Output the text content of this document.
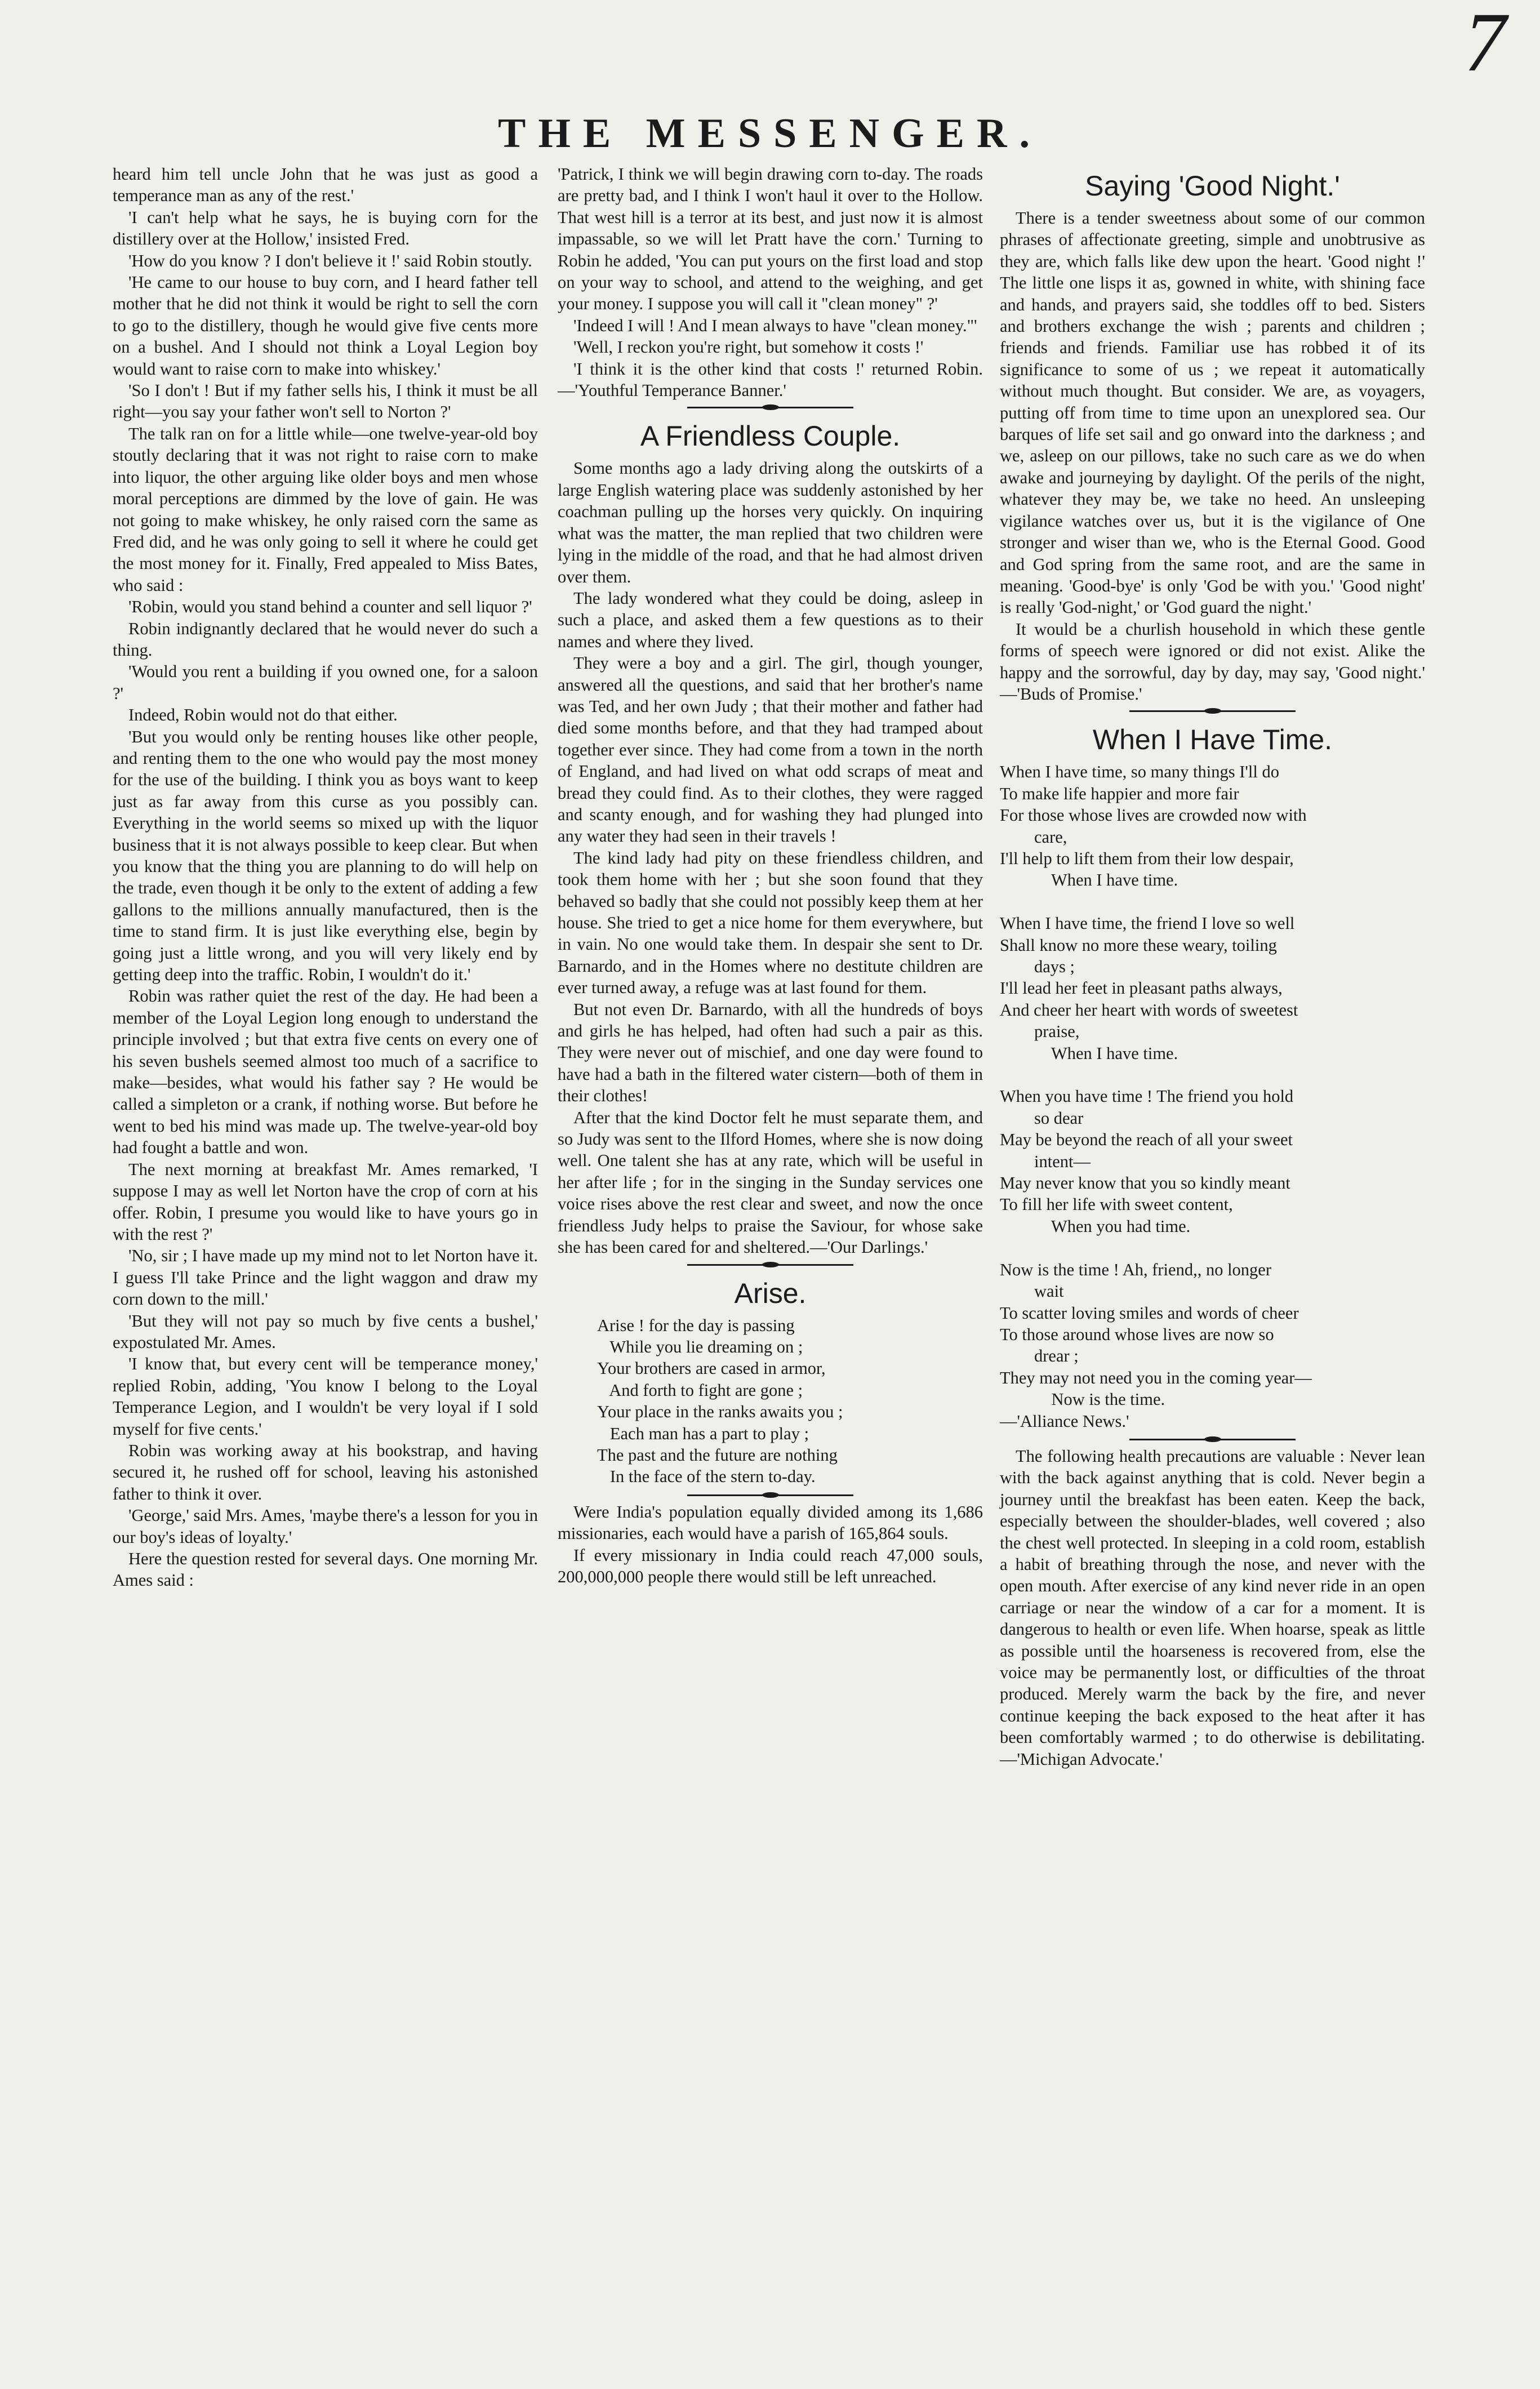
7
THE MESSENGER.

heard him tell uncle John that he was just as good a temperance man as any of the rest.'

'I can't help what he says, he is buying corn for the distillery over at the Hollow,' insisted Fred.

'How do you know ? I don't believe it !' said Robin stoutly.

'He came to our house to buy corn, and I heard father tell mother that he did not think it would be right to sell the corn to go to the distillery, though he would give five cents more on a bushel. And I should not think a Loyal Legion boy would want to raise corn to make into whiskey.'

'So I don't ! But if my father sells his, I think it must be all right—you say your father won't sell to Norton ?'

The talk ran on for a little while—one twelve-year-old boy stoutly declaring that it was not right to raise corn to make into liquor, the other arguing like older boys and men whose moral perceptions are dimmed by the love of gain. He was not going to make whiskey, he only raised corn the same as Fred did, and he was only going to sell it where he could get the most money for it. Finally, Fred appealed to Miss Bates, who said :

'Robin, would you stand behind a counter and sell liquor ?'

Robin indignantly declared that he would never do such a thing.

'Would you rent a building if you owned one, for a saloon ?'

Indeed, Robin would not do that either.

'But you would only be renting houses like other people, and renting them to the one who would pay the most money for the use of the building. I think you as boys want to keep just as far away from this curse as you possibly can. Everything in the world seems so mixed up with the liquor business that it is not always possible to keep clear. But when you know that the thing you are planning to do will help on the trade, even though it be only to the extent of adding a few gallons to the millions annually manufactured, then is the time to stand firm. It is just like everything else, begin by going just a little wrong, and you will very likely end by getting deep into the traffic. Robin, I wouldn't do it.'

Robin was rather quiet the rest of the day. He had been a member of the Loyal Legion long enough to understand the principle involved ; but that extra five cents on every one of his seven bushels seemed almost too much of a sacrifice to make—besides, what would his father say ? He would be called a simpleton or a crank, if nothing worse. But before he went to bed his mind was made up. The twelve-year-old boy had fought a battle and won.

The next morning at breakfast Mr. Ames remarked, 'I suppose I may as well let Norton have the crop of corn at his offer. Robin, I presume you would like to have yours go in with the rest ?'

'No, sir ; I have made up my mind not to let Norton have it. I guess I'll take Prince and the light waggon and draw my corn down to the mill.'

'But they will not pay so much by five cents a bushel,' expostulated Mr. Ames.

'I know that, but every cent will be temperance money,' replied Robin, adding, 'You know I belong to the Loyal Temperance Legion, and I wouldn't be very loyal if I sold myself for five cents.'

Robin was working away at his bookstrap, and having secured it, he rushed off for school, leaving his astonished father to think it over.

'George,' said Mrs. Ames, 'maybe there's a lesson for you in our boy's ideas of loyalty.'

Here the question rested for several days. One morning Mr. Ames said :

'Patrick, I think we will begin drawing corn to-day. The roads are pretty bad, and I think I won't haul it over to the Hollow. That west hill is a terror at its best, and just now it is almost impassable, so we will let Pratt have the corn.' Turning to Robin he added, 'You can put yours on the first load and stop on your way to school, and attend to the weighing, and get your money. I suppose you will call it "clean money" ?'

'Indeed I will ! And I mean always to have "clean money."'

'Well, I reckon you're right, but somehow it costs !'

'I think it is the other kind that costs !' returned Robin.—'Youthful Temperance Banner.'

A Friendless Couple.

Some months ago a lady driving along the outskirts of a large English watering place was suddenly astonished by her coachman pulling up the horses very quickly. On inquiring what was the matter, the man replied that two children were lying in the middle of the road, and that he had almost driven over them.

The lady wondered what they could be doing, asleep in such a place, and asked them a few questions as to their names and where they lived.

They were a boy and a girl. The girl, though younger, answered all the questions, and said that her brother's name was Ted, and her own Judy ; that their mother and father had died some months before, and that they had tramped about together ever since. They had come from a town in the north of England, and had lived on what odd scraps of meat and bread they could find. As to their clothes, they were ragged and scanty enough, and for washing they had plunged into any water they had seen in their travels !

The kind lady had pity on these friendless children, and took them home with her ; but she soon found that they behaved so badly that she could not possibly keep them at her house. She tried to get a nice home for them everywhere, but in vain. No one would take them. In despair she sent to Dr. Barnardo, and in the Homes where no destitute children are ever turned away, a refuge was at last found for them.

But not even Dr. Barnardo, with all the hundreds of boys and girls he has helped, had often had such a pair as this. They were never out of mischief, and one day were found to have had a bath in the filtered water cistern—both of them in their clothes!

After that the kind Doctor felt he must separate them, and so Judy was sent to the Ilford Homes, where she is now doing well. One talent she has at any rate, which will be useful in her after life ; for in the singing in the Sunday services one voice rises above the rest clear and sweet, and now the once friendless Judy helps to praise the Saviour, for whose sake she has been cared for and sheltered.—'Our Darlings.'

Arise.
Arise ! for the day is passing
While you lie dreaming on ;
Your brothers are cased in armor,
And forth to fight are gone ;
Your place in the ranks awaits you ;
Each man has a part to play ;
The past and the future are nothing
In the face of the stern to-day.

Were India's population equally divided among its 1,686 missionaries, each would have a parish of 165,864 souls.

If every missionary in India could reach 47,000 souls, 200,000,000 people there would still be left unreached.

Saying 'Good Night.'

There is a tender sweetness about some of our common phrases of affectionate greeting, simple and unobtrusive as they are, which falls like dew upon the heart. 'Good night !' The little one lisps it as, gowned in white, with shining face and hands, and prayers said, she toddles off to bed. Sisters and brothers exchange the wish ; parents and children ; friends and friends. Familiar use has robbed it of its significance to some of us ; we repeat it automatically without much thought. But consider. We are, as voyagers, putting off from time to time upon an unexplored sea. Our barques of life set sail and go onward into the darkness ; and we, asleep on our pillows, take no such care as we do when awake and journeying by daylight. Of the perils of the night, whatever they may be, we take no heed. An unsleeping vigilance watches over us, but it is the vigilance of One stronger and wiser than we, who is the Eternal Good. Good and God spring from the same root, and are the same in meaning. 'Good-bye' is only 'God be with you.' 'Good night' is really 'God-night,' or 'God guard the night.'

It would be a churlish household in which these gentle forms of speech were ignored or did not exist. Alike the happy and the sorrowful, day by day, may say, 'Good night.' —'Buds of Promise.'

When I Have Time.
When I have time, so many things I'll do
To make life happier and more fair
For those whose lives are crowded now with
care,
I'll help to lift them from their low despair,
When I have time.

When I have time, the friend I love so well
Shall know no more these weary, toiling
days ;
I'll lead her feet in pleasant paths always,
And cheer her heart with words of sweetest
praise,
When I have time.

When you have time ! The friend you hold
so dear
May be beyond the reach of all your sweet
intent—
May never know that you so kindly meant
To fill her life with sweet content,
When you had time.

Now is the time ! Ah, friend,, no longer
wait
To scatter loving smiles and words of cheer
To those around whose lives are now so
drear ;
They may not need you in the coming year—
Now is the time.
—'Alliance News.'

The following health precautions are valuable : Never lean with the back against anything that is cold. Never begin a journey until the breakfast has been eaten. Keep the back, especially between the shoulder-blades, well covered ; also the chest well protected. In sleeping in a cold room, establish a habit of breathing through the nose, and never with the open mouth. After exercise of any kind never ride in an open carriage or near the window of a car for a moment. It is dangerous to health or even life. When hoarse, speak as little as possible until the hoarseness is recovered from, else the voice may be permanently lost, or difficulties of the throat produced. Merely warm the back by the fire, and never continue keeping the back exposed to the heat after it has been comfortably warmed ; to do otherwise is debilitating.—'Michigan Advocate.'
